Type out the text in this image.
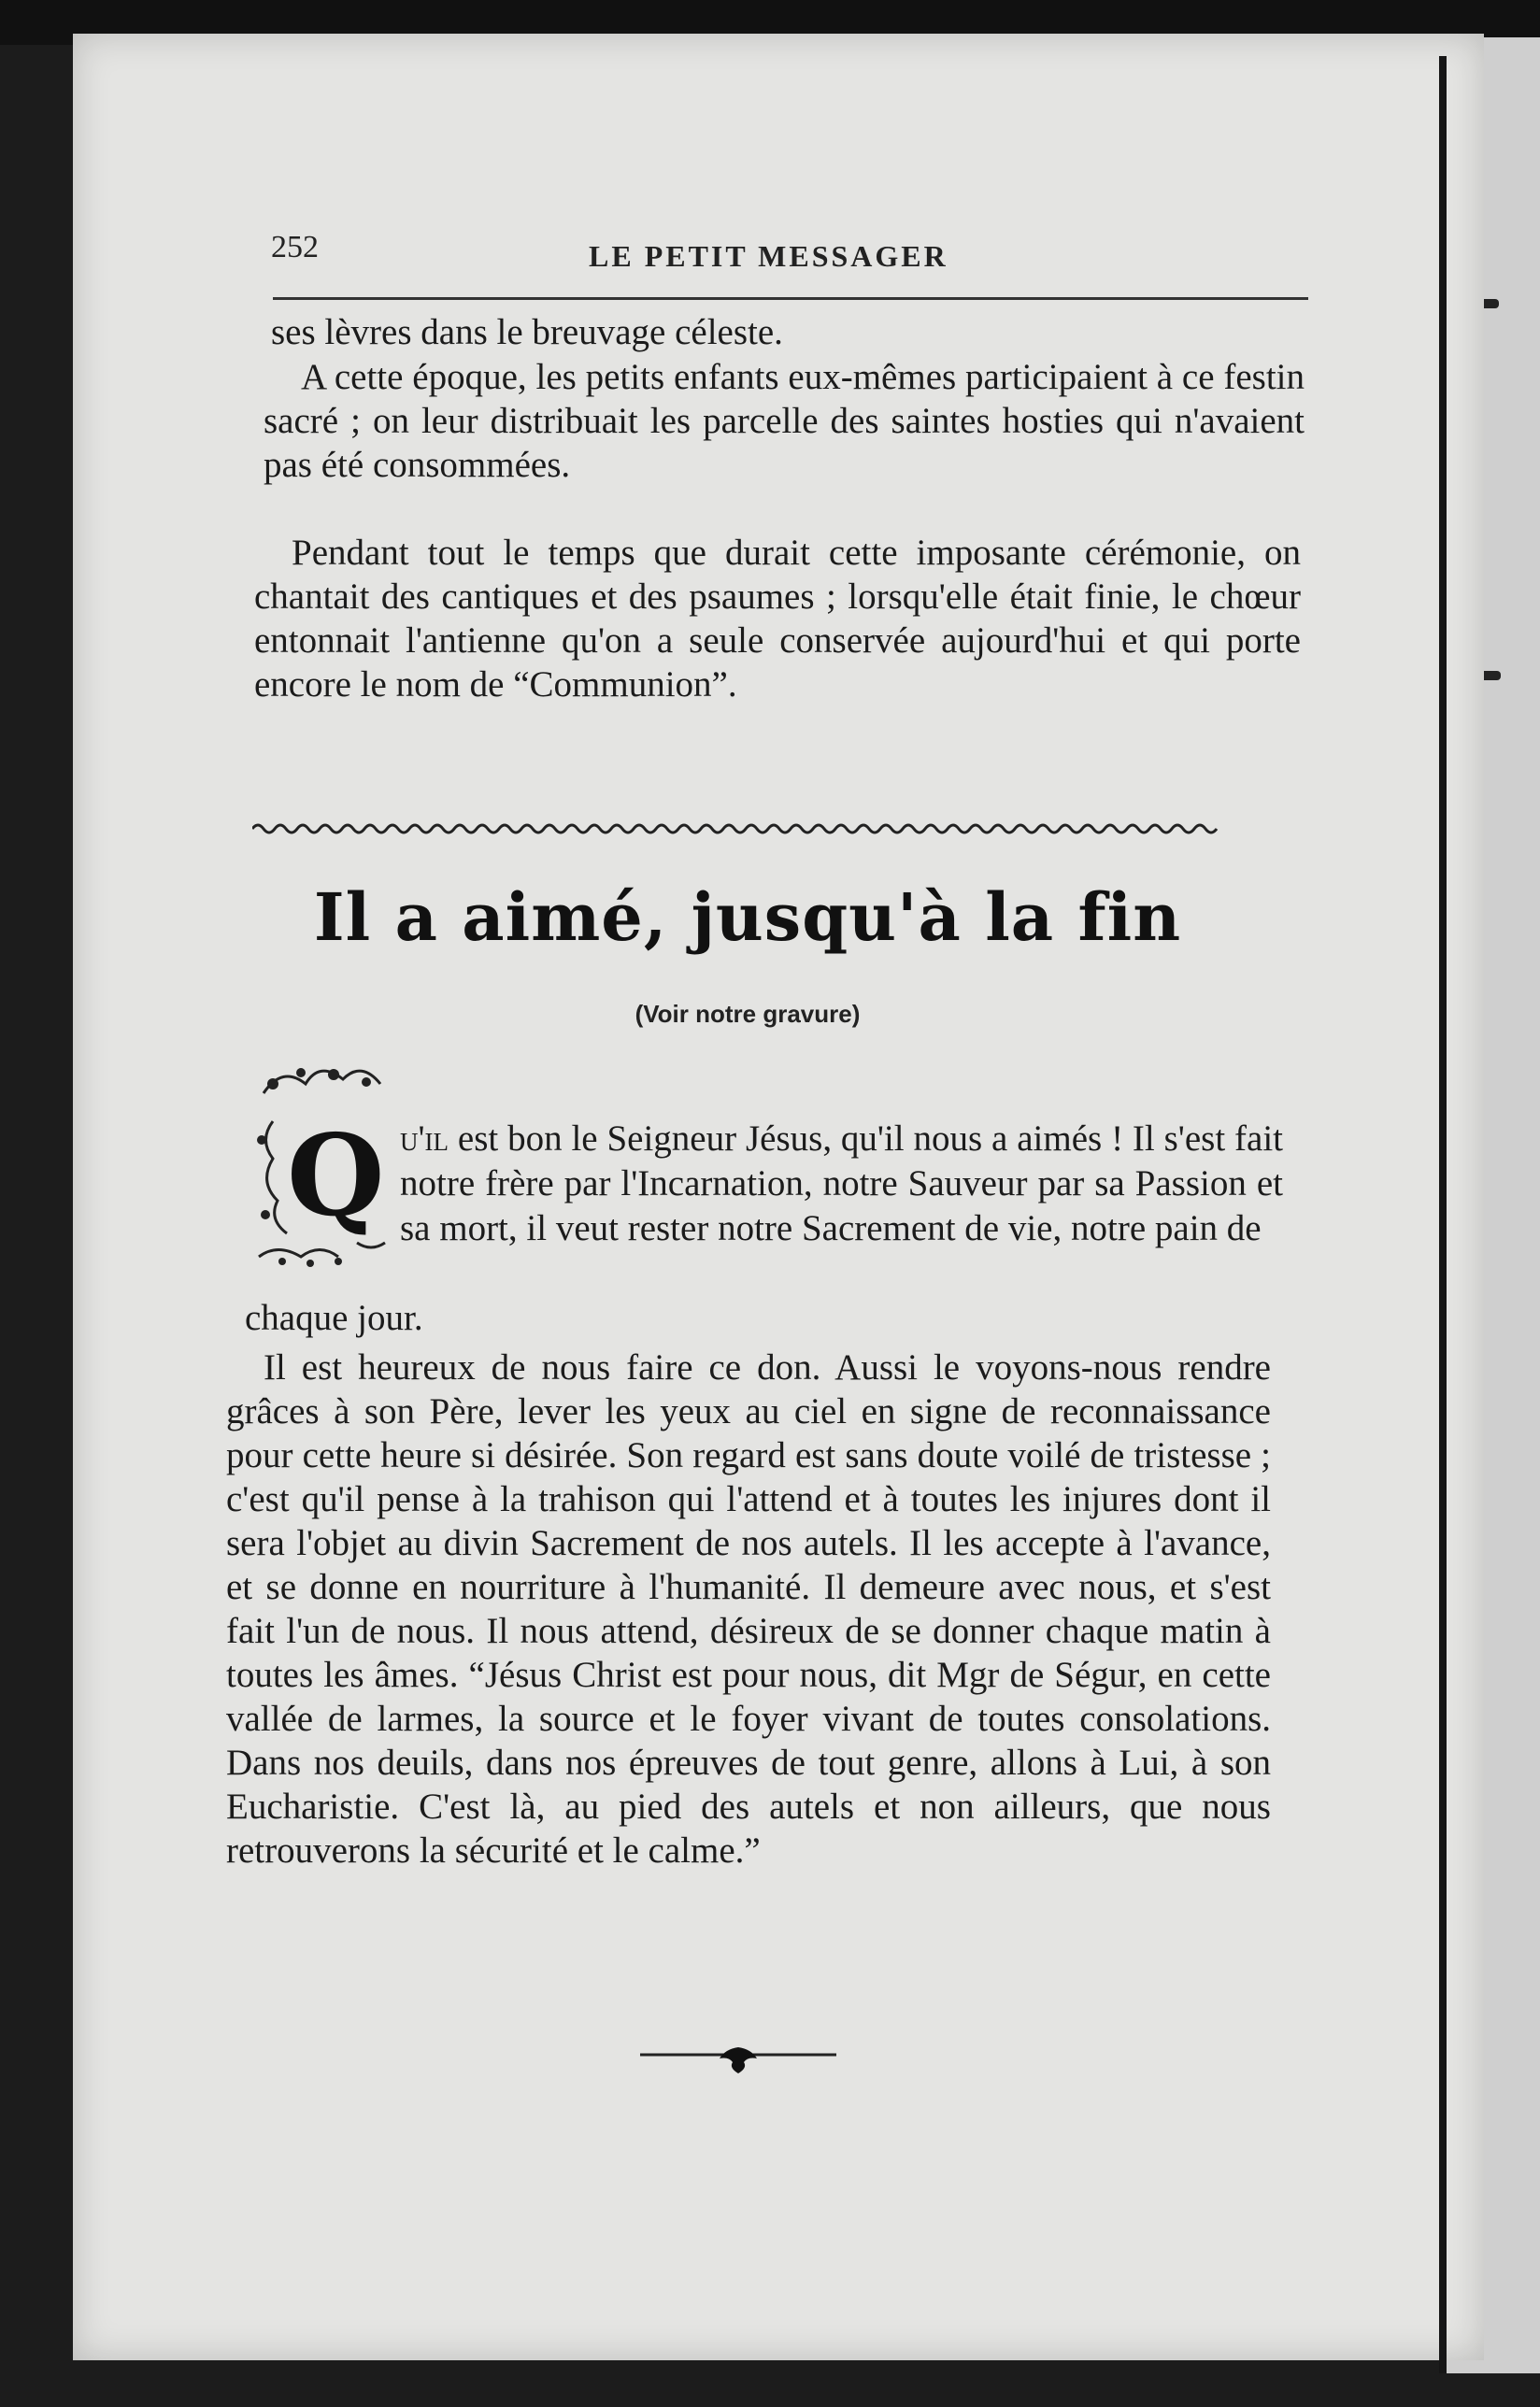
252	LE PETIT MESSAGER
ses lèvres dans le breuvage céleste.
A cette époque, les petits enfants eux-mêmes participaient à ce festin sacré ; on leur distribuait les parcelle des saintes hosties qui n'avaient pas été consommées.
Pendant tout le temps que durait cette imposante cérémonie, on chantait des cantiques et des psaumes ; lorsqu'elle était finie, le chœur entonnait l'antienne qu'on a seule conservée aujourd'hui et qui porte encore le nom de “Communion”.
Il a aimé, jusqu'à la fin
(Voir notre gravure)
Q u'il est bon le Seigneur Jésus, qu'il nous a aimés ! Il s'est fait notre frère par l'Incarnation, notre Sauveur par sa Passion et sa mort, il veut rester notre Sacrement de vie, notre pain de
chaque jour.
Il est heureux de nous faire ce don. Aussi le voyons-nous rendre grâces à son Père, lever les yeux au ciel en signe de reconnaissance pour cette heure si désirée. Son regard est sans doute voilé de tristesse ; c'est qu'il pense à la trahison qui l'attend et à toutes les injures dont il sera l'objet au divin Sacrement de nos autels. Il les accepte à l'avance, et se donne en nourriture à l'humanité. Il demeure avec nous, et s'est fait l'un de nous. Il nous attend, désireux de se donner chaque matin à toutes les âmes. “Jésus Christ est pour nous, dit Mgr de Ségur, en cette vallée de larmes, la source et le foyer vivant de toutes consolations. Dans nos deuils, dans nos épreuves de tout genre, allons à Lui, à son Eucharistie. C'est là, au pied des autels et non ailleurs, que nous retrouverons la sécurité et le calme.”
